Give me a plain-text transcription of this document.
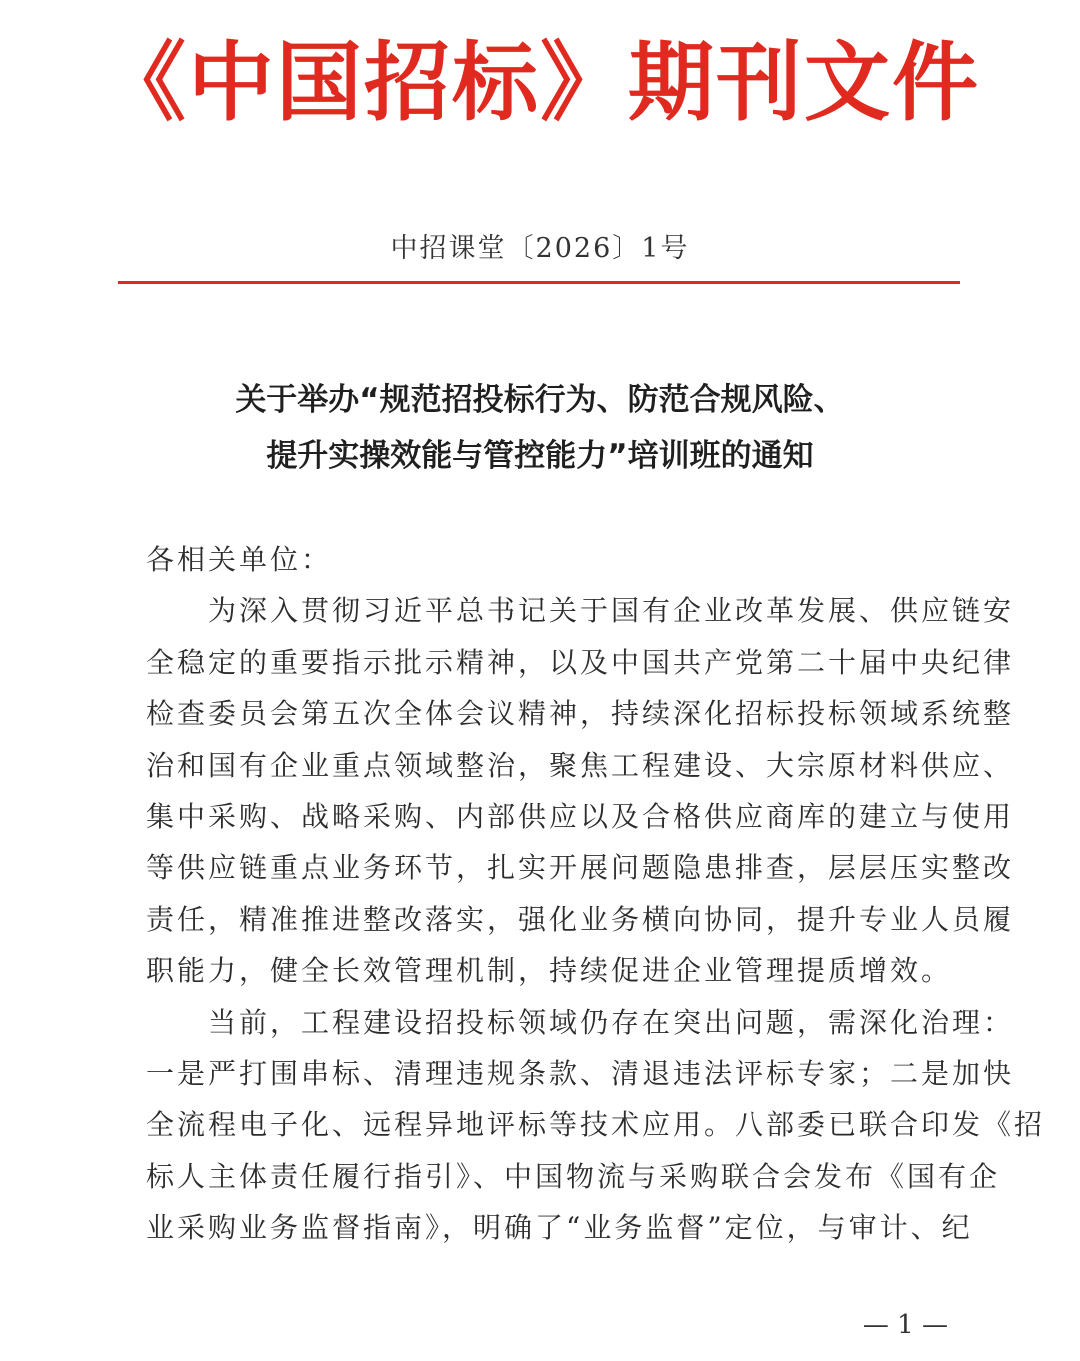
《中国招标》期刊文件
中招课堂〔2026〕1号
关于举办“规范招投标行为、防范合规风险、
提升实操效能与管控能力”培训班的通知
各相关单位：
　　为深入贯彻习近平总书记关于国有企业改革发展、供应链安
全稳定的重要指示批示精神，以及中国共产党第二十届中央纪律
检查委员会第五次全体会议精神，持续深化招标投标领域系统整
治和国有企业重点领域整治，聚焦工程建设、大宗原材料供应、
集中采购、战略采购、内部供应以及合格供应商库的建立与使用
等供应链重点业务环节，扎实开展问题隐患排查，层层压实整改
责任，精准推进整改落实，强化业务横向协同，提升专业人员履
职能力，健全长效管理机制，持续促进企业管理提质增效。
　　当前，工程建设招投标领域仍存在突出问题，需深化治理：
一是严打围串标、清理违规条款、清退违法评标专家；二是加快
全流程电子化、远程异地评标等技术应用。八部委已联合印发《招
标人主体责任履行指引》、中国物流与采购联合会发布《国有企
业采购业务监督指南》，明确了“业务监督”定位，与审计、纪
— 1 —
